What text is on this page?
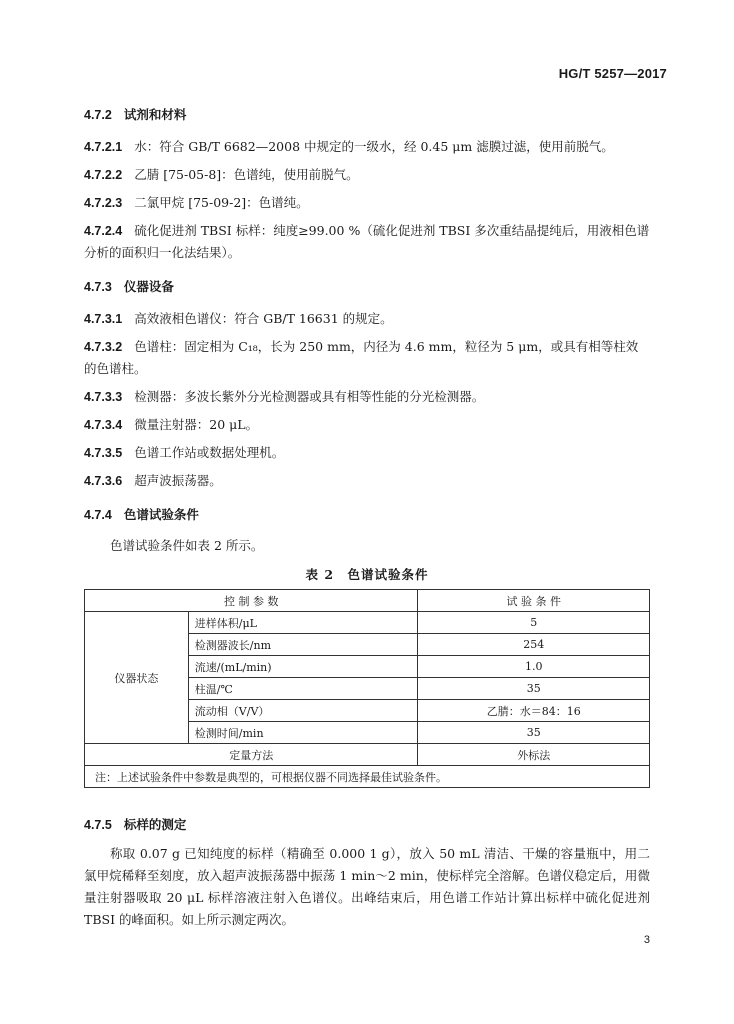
HG/T 5257—2017
4.7.2 试剂和材料
4.7.2.1 水：符合 GB/T 6682—2008 中规定的一级水，经 0.45 μm 滤膜过滤，使用前脱气。
4.7.2.2 乙腈 [75-05-8]：色谱纯，使用前脱气。
4.7.2.3 二氯甲烷 [75-09-2]：色谱纯。
4.7.2.4 硫化促进剂 TBSI 标样：纯度≥99.00 %（硫化促进剂 TBSI 多次重结晶提纯后，用液相色谱分析的面积归一化法结果）。
4.7.3 仪器设备
4.7.3.1 高效液相色谱仪：符合 GB/T 16631 的规定。
4.7.3.2 色谱柱：固定相为 C₁₈，长为 250 mm，内径为 4.6 mm，粒径为 5 μm，或具有相等柱效的色谱柱。
4.7.3.3 检测器：多波长紫外分光检测器或具有相等性能的分光检测器。
4.7.3.4 微量注射器：20 μL。
4.7.3.5 色谱工作站或数据处理机。
4.7.3.6 超声波振荡器。
4.7.4 色谱试验条件
色谱试验条件如表 2 所示。
表 2　色谱试验条件
控 制 参 数		试 验 条 件
仪器状态	进样体积/μL	5
	检测器波长/nm	254
	流速/(mL/min)	1.0
	柱温/℃	35
	流动相（V/V）	乙腈：水＝84：16
	检测时间/min	35
定量方法		外标法
注：上述试验条件中参数是典型的，可根据仪器不同选择最佳试验条件。		
4.7.5 标样的测定
称取 0.07 g 已知纯度的标样（精确至 0.000 1 g），放入 50 mL 清洁、干燥的容量瓶中，用二氯甲烷稀释至刻度，放入超声波振荡器中振荡 1 min～2 min，使标样完全溶解。色谱仪稳定后，用微量注射器吸取 20 μL 标样溶液注射入色谱仪。出峰结束后，用色谱工作站计算出标样中硫化促进剂 TBSI 的峰面积。如上所示测定两次。
3
